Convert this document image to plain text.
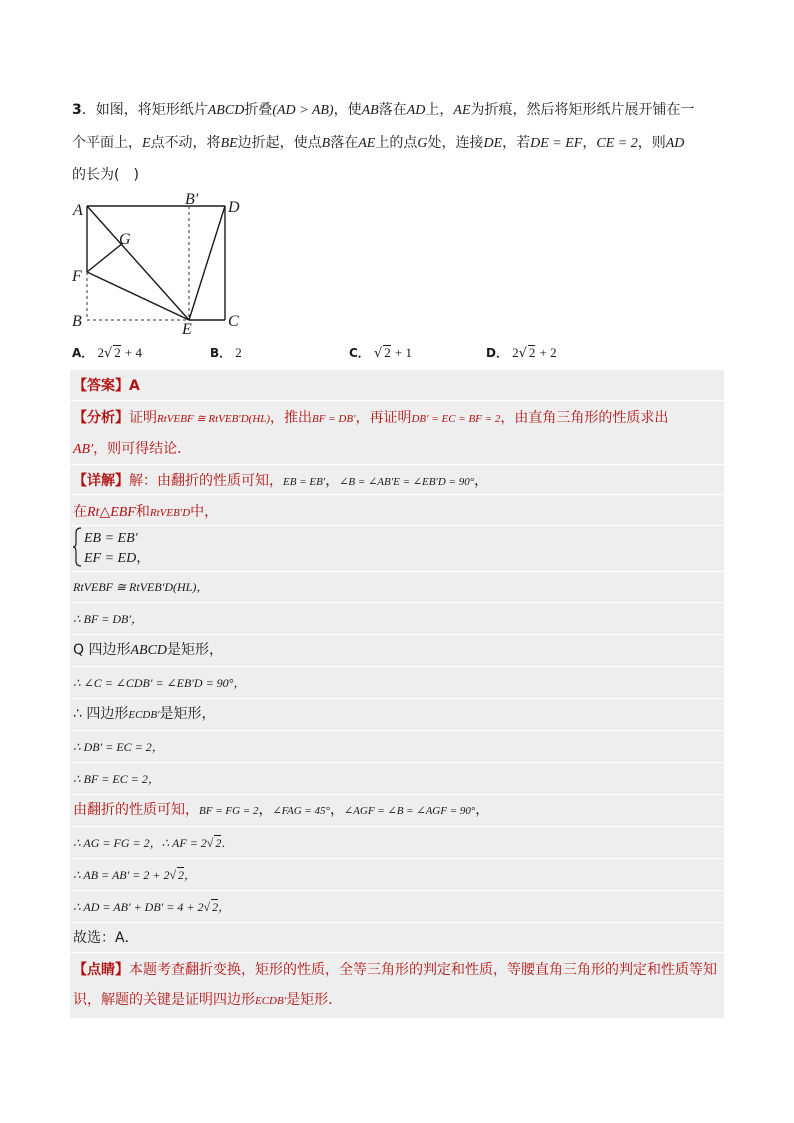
3．如图，将矩形纸片ABCD折叠(AD > AB)，使AB落在AD上，AE为折痕，然后将矩形纸片展开铺在一
个平面上，E点不动，将BE边折起，使点B落在AE上的点G处，连接DE，若DE = EF，CE = 2，则AD
的长为(　)
A
B′ D
G
F
B	E C
A． 2√ 2 + 4	B． 2	C． √ 2 + 1	D． 2√ 2 + 2
【答案】A
【分析】证明RtVEBF ≅ RtVEB′D(HL)，推出BF = DB′，再证明DB′ = EC = BF = 2，由直角三角形的性质求出
AB′，则可得结论．
【详解】解：由翻折的性质可知，EB = EB′，∠B = ∠AB′E = ∠EB′D = 90°，
在Rt△EBF和RtVEB′D中，
EB = EB′
EF = ED，
RtVEBF ≅ RtVEB′D(HL)，
∴ BF = DB′，
Q 四边形ABCD是矩形，
∴ ∠C = ∠CDB′ = ∠EB′D = 90°，
∴ 四边形ECDB′是矩形，
∴ DB′ = EC = 2，
∴ BF = EC = 2，
由翻折的性质可知，BF = FG = 2，∠FAG = 45°，∠AGF = ∠B = ∠AGF = 90°，
∴ AG = FG = 2，∴ AF = 2√ 2．
∴ AB = AB′ = 2 + 2√ 2，
∴ AD = AB′ + DB′ = 4 + 2√ 2，
故选：A．
【点睛】本题考查翻折变换，矩形的性质，全等三角形的判定和性质，等腰直角三角形的判定和性质等知
识，解题的关键是证明四边形ECDB′是矩形．
